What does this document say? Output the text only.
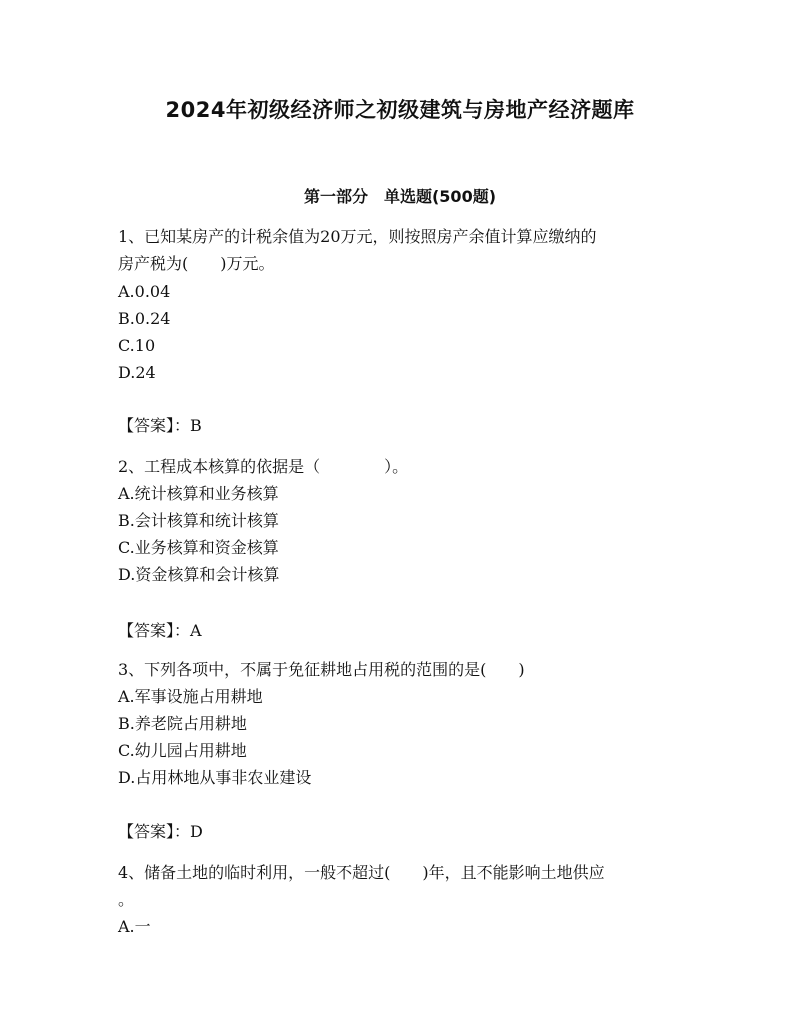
2024年初级经济师之初级建筑与房地产经济题库
第一部分　单选题(500题)
1、已知某房产的计税余值为20万元，则按照房产余值计算应缴纳的
房产税为(　　)万元。
A.0.04
B.0.24
C.10
D.24
【答案】：B
2、工程成本核算的依据是（　　　　）。
A.统计核算和业务核算
B.会计核算和统计核算
C.业务核算和资金核算
D.资金核算和会计核算
【答案】：A
3、下列各项中，不属于免征耕地占用税的范围的是(　　)
A.军事设施占用耕地
B.养老院占用耕地
C.幼儿园占用耕地
D.占用林地从事非农业建设
【答案】：D
4、储备土地的临时利用，一般不超过(　　)年，且不能影响土地供应
。
A.一
